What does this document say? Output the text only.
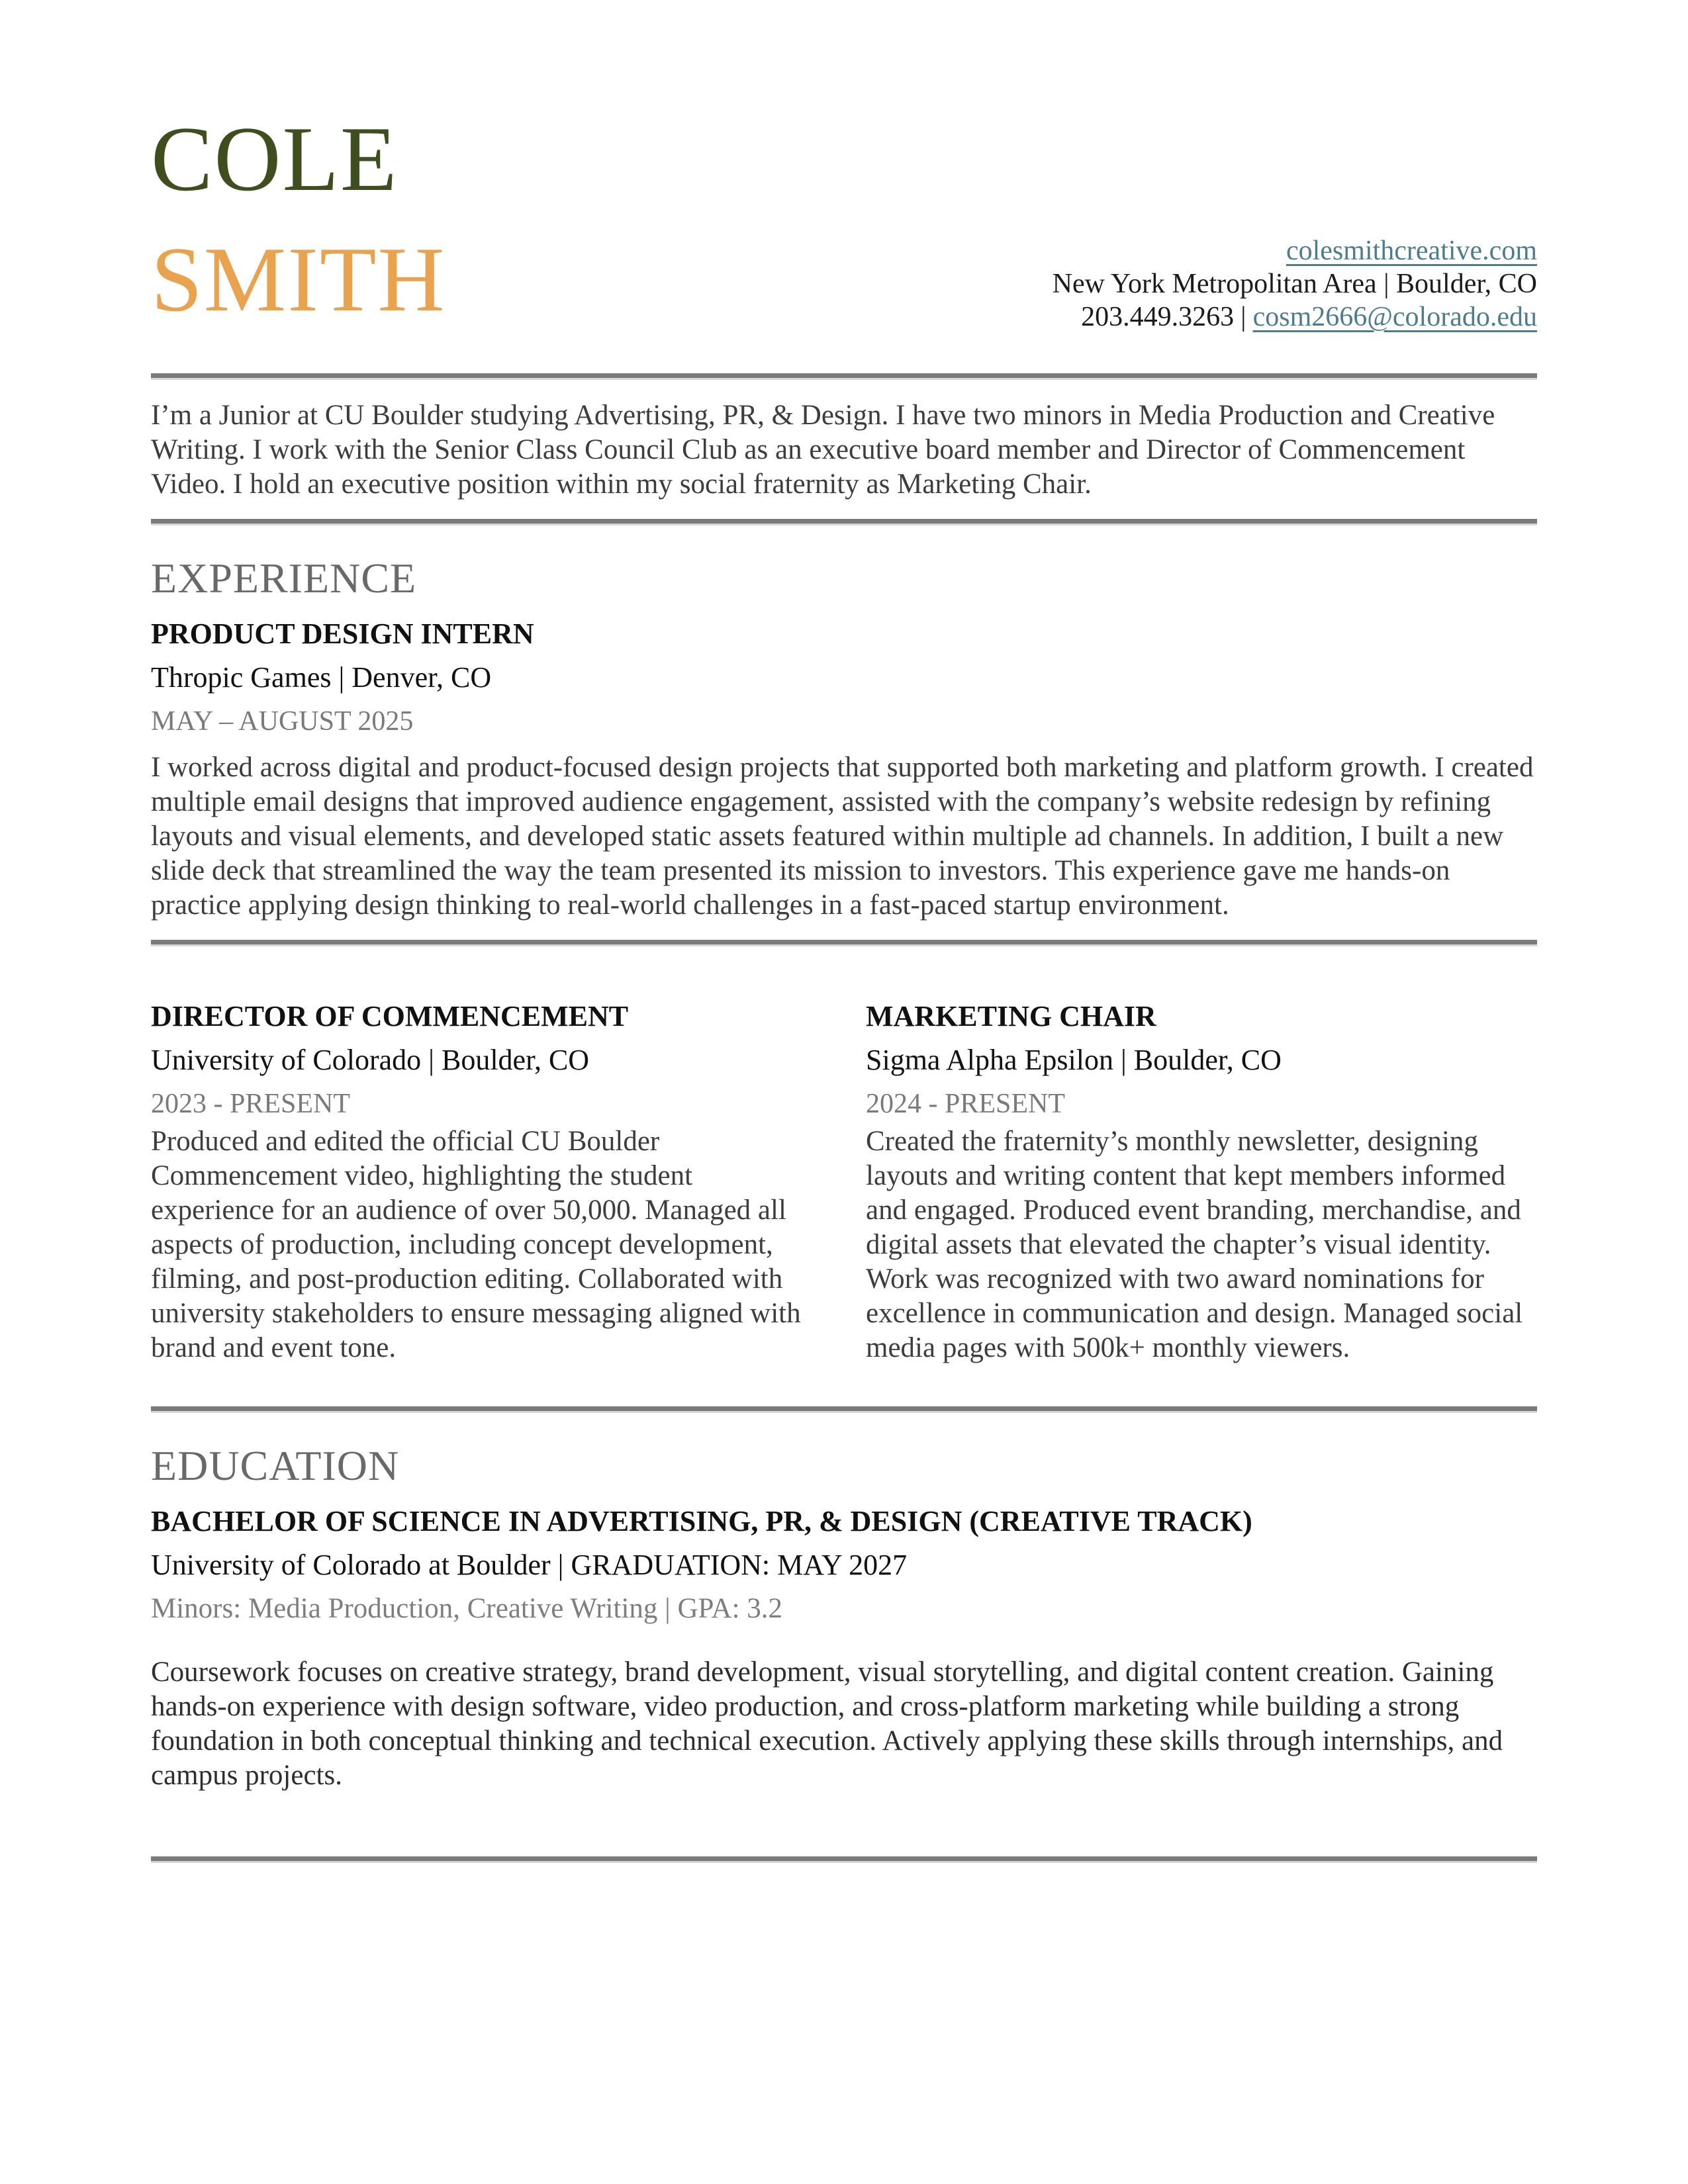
COLE
SMITH	colesmithcreative.com
New York Metropolitan Area | Boulder, CO
203.449.3263 | cosm2666@colorado.edu

I’m a Junior at CU Boulder studying Advertising, PR, & Design. I have two minors in Media Production and Creative Writing. I work with the Senior Class Council Club as an executive board member and Director of Commencement Video. I hold an executive position within my social fraternity as Marketing Chair.

EXPERIENCE
PRODUCT DESIGN INTERN

Thropic Games | Denver, CO

MAY – AUGUST 2025

I worked across digital and product-focused design projects that supported both marketing and platform growth. I created multiple email designs that improved audience engagement, assisted with the company’s website redesign by refining layouts and visual elements, and developed static assets featured within multiple ad channels. In addition, I built a new slide deck that streamlined the way the team presented its mission to investors. This experience gave me hands-on practice applying design thinking to real-world challenges in a fast-paced startup environment.

DIRECTOR OF COMMENCEMENT

University of Colorado | Boulder, CO

2023 - PRESENT

Produced and edited the official CU Boulder Commencement video, highlighting the student experience for an audience of over 50,000. Managed all aspects of production, including concept development, filming, and post-production editing. Collaborated with university stakeholders to ensure messaging aligned with brand and event tone.

MARKETING CHAIR

Sigma Alpha Epsilon | Boulder, CO

2024 - PRESENT

Created the fraternity’s monthly newsletter, designing layouts and writing content that kept members informed and engaged. Produced event branding, merchandise, and digital assets that elevated the chapter’s visual identity. Work was recognized with two award nominations for excellence in communication and design. Managed social media pages with 500k+ monthly viewers.

EDUCATION
BACHELOR OF SCIENCE IN ADVERTISING, PR, & DESIGN (CREATIVE TRACK)

University of Colorado at Boulder | GRADUATION: MAY 2027

Minors: Media Production, Creative Writing | GPA: 3.2

Coursework focuses on creative strategy, brand development, visual storytelling, and digital content creation. Gaining hands-on experience with design software, video production, and cross-platform marketing while building a strong foundation in both conceptual thinking and technical execution. Actively applying these skills through internships, and campus projects.
